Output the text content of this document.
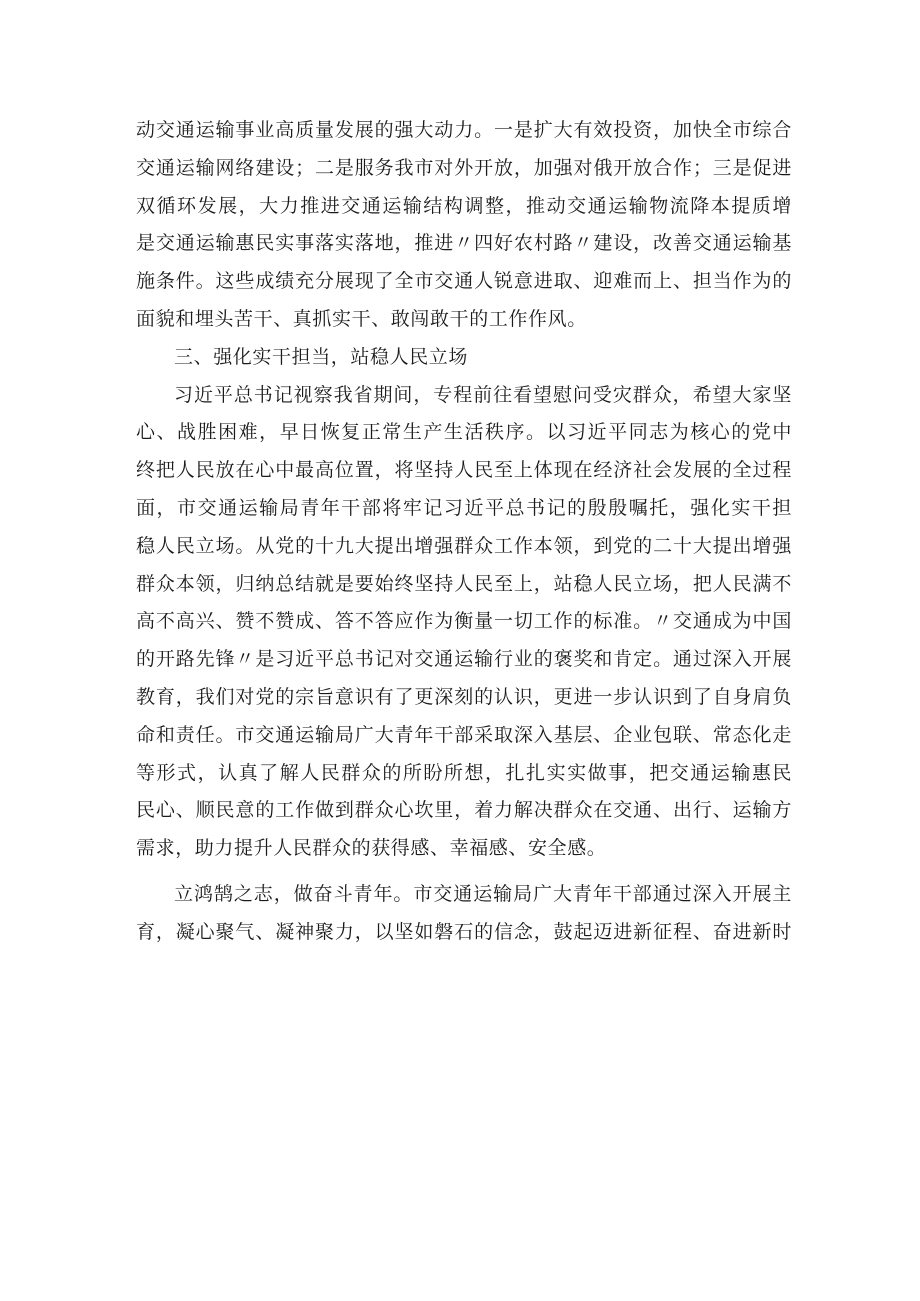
动交通运输事业高质量发展的强大动力。一是扩大有效投资，加快全市综合
交通运输网络建设；二是服务我市对外开放，加强对俄开放合作；三是促进
双循环发展，大力推进交通运输结构调整，推动交通运输物流降本提质增
是交通运输惠民实事落实落地，推进〃四好农村路〃建设，改善交通运输基
施条件。这些成绩充分展现了全市交通人锐意进取、迎难而上、担当作为的
面貌和埋头苦干、真抓实干、敢闯敢干的工作作风。
三、强化实干担当，站稳人民立场
习近平总书记视察我省期间，专程前往看望慰问受灾群众，希望大家坚
心、战胜困难，早日恢复正常生产生活秩序。以习近平同志为核心的党中
终把人民放在心中最高位置，将坚持人民至上体现在经济社会发展的全过程
面，市交通运输局青年干部将牢记习近平总书记的殷殷嘱托，强化实干担
稳人民立场。从党的十九大提出增强群众工作本领，到党的二十大提出增强
群众本领，归纳总结就是要始终坚持人民至上，站稳人民立场，把人民满不
高不高兴、赞不赞成、答不答应作为衡量一切工作的标准。〃交通成为中国
的开路先锋〃是习近平总书记对交通运输行业的褒奖和肯定。通过深入开展
教育，我们对党的宗旨意识有了更深刻的认识，更进一步认识到了自身肩负
命和责任。市交通运输局广大青年干部采取深入基层、企业包联、常态化走
等形式，认真了解人民群众的所盼所想，扎扎实实做事，把交通运输惠民
民心、顺民意的工作做到群众心坎里，着力解决群众在交通、出行、运输方
需求，助力提升人民群众的获得感、幸福感、安全感。
立鸿鹄之志，做奋斗青年。市交通运输局广大青年干部通过深入开展主
育，凝心聚气、凝神聚力，以坚如磐石的信念，鼓起迈进新征程、奋进新时
